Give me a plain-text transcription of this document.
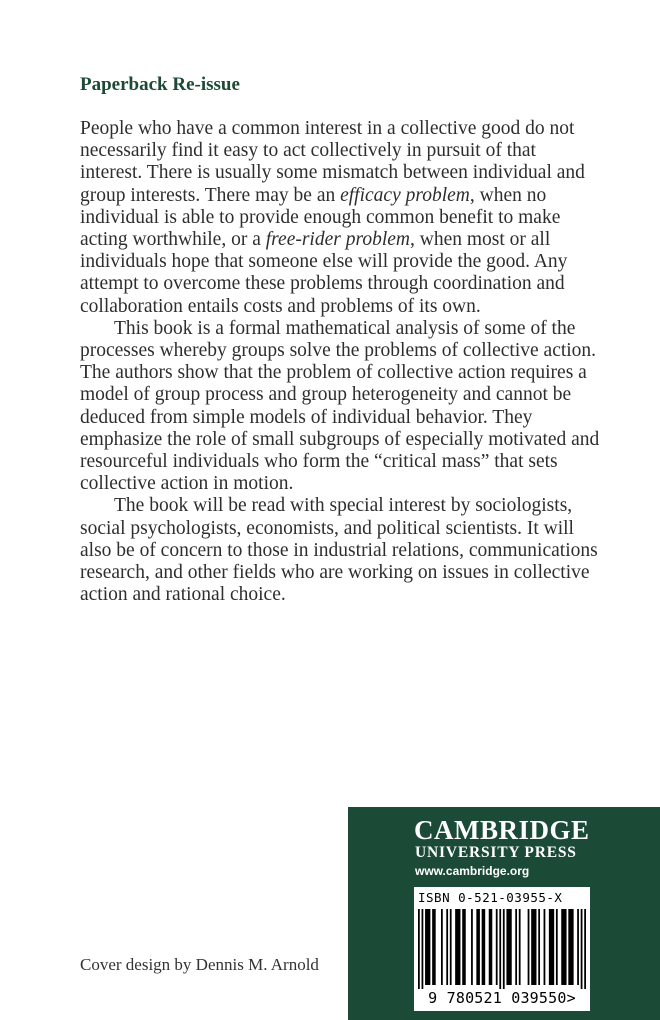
Paperback Re-issue

People who have a common interest in a collective good do not necessarily find it easy to act collectively in pursuit of that interest. There is usually some mismatch between individual and group interests. There may be an efficacy problem, when no individual is able to provide enough common benefit to make acting worthwhile, or a free-rider problem, when most or all individuals hope that someone else will provide the good. Any attempt to overcome these problems through coordination and collaboration entails costs and problems of its own.

This book is a formal mathematical analysis of some of the processes whereby groups solve the problems of collective action. The authors show that the problem of collective action requires a model of group process and group heterogeneity and cannot be deduced from simple models of individual behavior. They emphasize the role of small subgroups of especially motivated and resourceful individuals who form the “critical mass” that sets collective action in motion.

The book will be read with special interest by sociologists, social psychologists, economists, and political scientists. It will also be of concern to those in industrial relations, communications research, and other fields who are working on issues in collective action and rational choice.

Cover design by Dennis M. Arnold
CAMBRIDGE
UNIVERSITY PRESS
www.cambridge.org
ISBN 0-521-03955-X
9 780521 039550>
